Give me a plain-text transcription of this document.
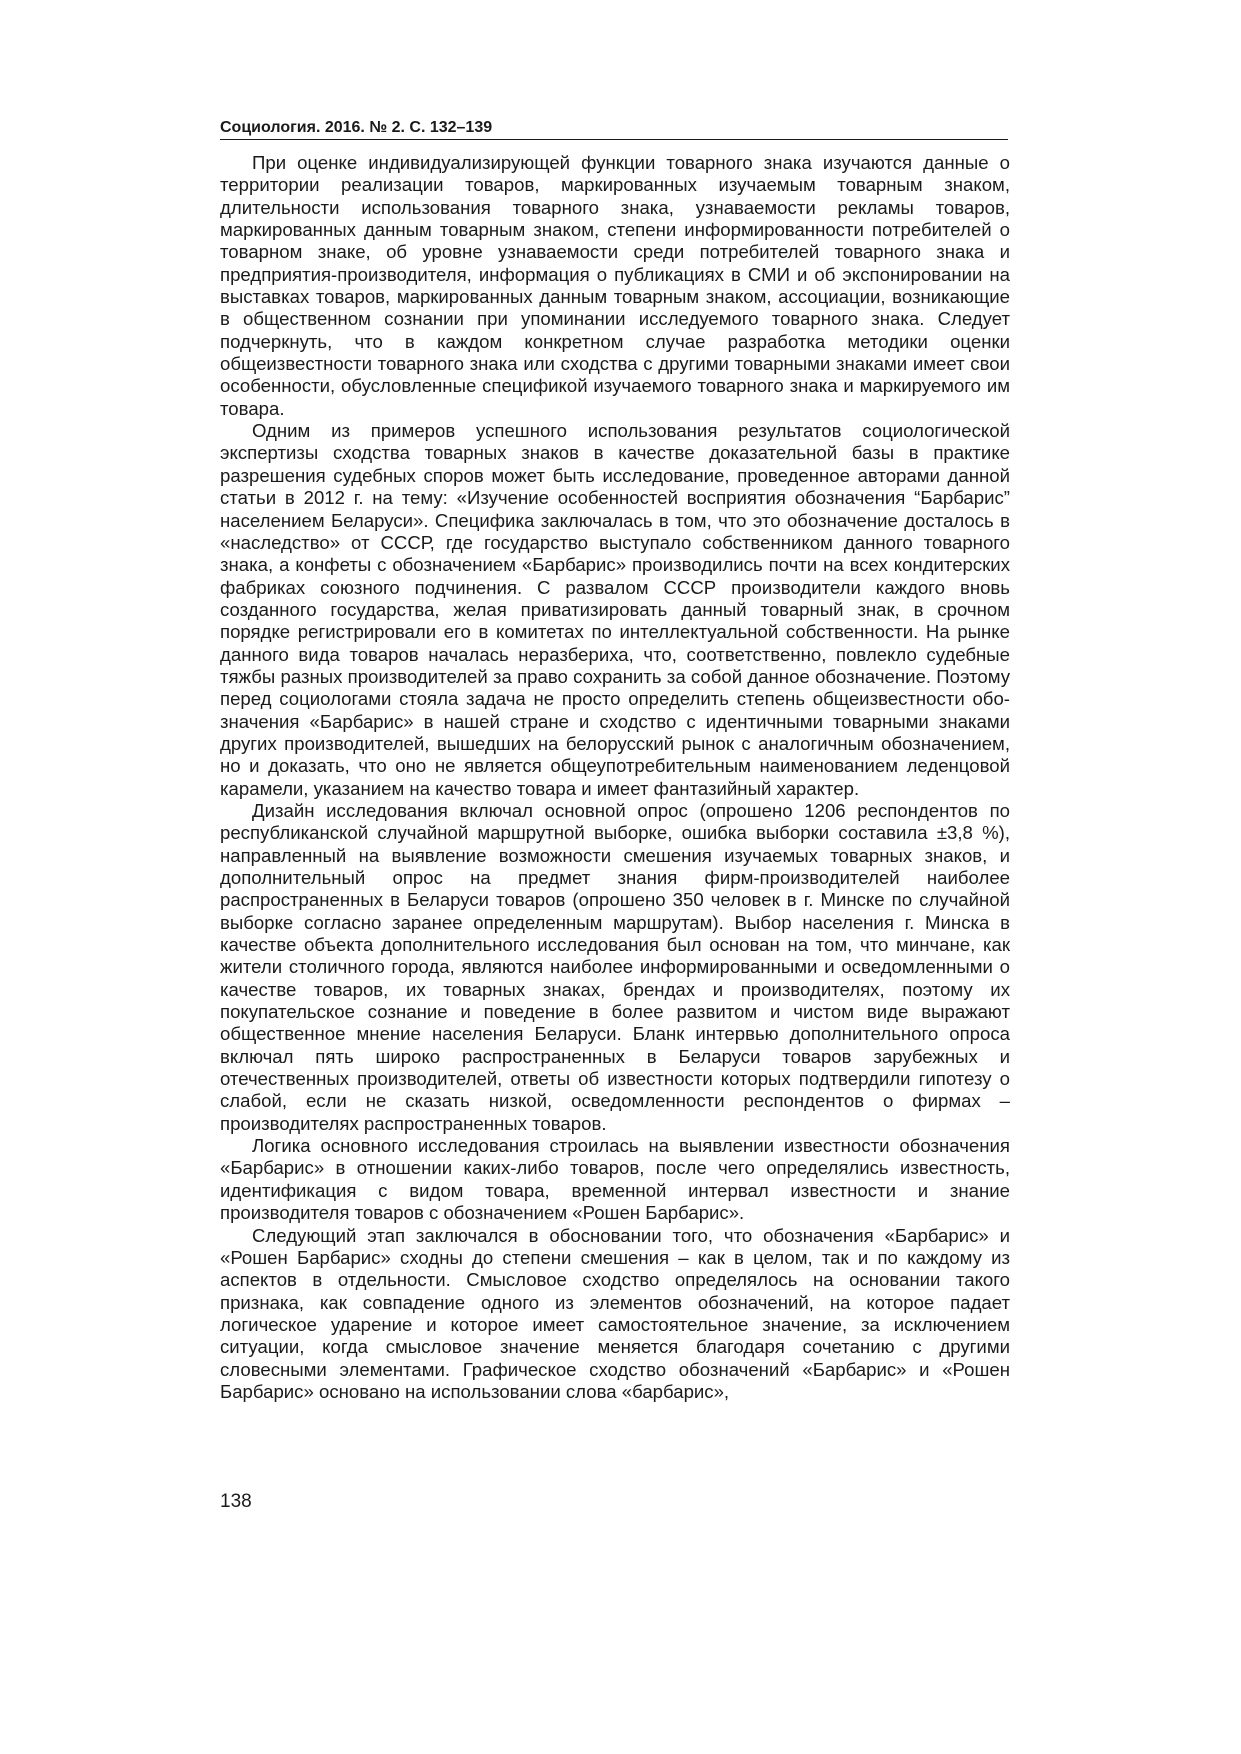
Социология. 2016. № 2. С. 132–139

При оценке индивидуализирующей функции товарного знака изучаются данные о территории реализации товаров, маркированных изучаемым товарным знаком, длительности использования товарного знака, узнаваемости рекламы товаров, маркированных данным товарным знаком, степени информированности потребителей о товарном знаке, об уровне узнаваемости среди потребителей товарного знака и предприятия-производителя, информация о публикациях в СМИ и об экспонировании на выставках товаров, маркированных данным товарным знаком, ассоциации, возникающие в общественном сознании при упоминании исследуемого товарного знака. Следует подчеркнуть, что в каждом конкретном случае разработка методики оценки общеизвестности товарного знака или сходства с другими товарными знаками имеет свои особенности, обусловленные спецификой изучаемого товарного знака и маркируемого им товара.

Одним из примеров успешного использования результатов социологической экспертизы сходства товарных знаков в качестве доказательной базы в практике разрешения судебных споров может быть исследование, проведенное авторами данной статьи в 2012 г. на тему: «Изучение особенностей восприятия обозначения “Барбарис” населением Беларуси». Специфика заключалась в том, что это обозначение досталось в «наследство» от СССР, где государство выступало собственником данного товарного знака, а конфеты с обозначением «Барбарис» производились почти на всех кондитерских фабриках союзного подчинения. С развалом СССР производители каждого вновь созданного государства, желая приватизировать данный товарный знак, в срочном порядке регистрировали его в комитетах по интеллектуальной собственности. На рынке данного вида товаров началась неразбериха, что, соответственно, повлекло судебные тяжбы разных производителей за право сохранить за собой данное обозначение. Поэтому перед социологами стояла задача не просто определить степень общеизвестности обозначения «Барбарис» в нашей стране и сходство с идентичными товарными знаками других производителей, вышедших на белорусский рынок с аналогичным обозначением, но и доказать, что оно не является общеупотребительным наименованием леденцовой карамели, указанием на качество товара и имеет фантазийный характер.

Дизайн исследования включал основной опрос (опрошено 1206 респондентов по республиканской случайной маршрутной выборке, ошибка выборки составила ±3,8 %), направленный на выявление возможности смешения изучаемых товарных знаков, и дополнительный опрос на предмет знания фирм-производителей наиболее распространенных в Беларуси товаров (опрошено 350 человек в г. Минске по случайной выборке согласно заранее определенным маршрутам). Выбор населения г. Минска в качестве объекта дополнительного исследования был основан на том, что минчане, как жители столичного города, являются наиболее информированными и осведомленными о качестве товаров, их товарных знаках, брендах и производителях, поэтому их покупательское сознание и поведение в более развитом и чистом виде выражают общественное мнение населения Беларуси. Бланк интервью дополнительного опроса включал пять широко распространенных в Беларуси товаров зарубежных и отечественных производителей, ответы об известности которых подтвердили гипотезу о слабой, если не сказать низкой, осведомленности респондентов о фирмах – производителях распространенных товаров.

Логика основного исследования строилась на выявлении известности обозначения «Барбарис» в отношении каких-либо товаров, после чего определялись известность, идентификация с видом товара, временной интервал известности и знание производителя товаров с обозначением «Рошен Барбарис».

Следующий этап заключался в обосновании того, что обозначения «Барбарис» и «Рошен Барбарис» сходны до степени смешения – как в целом, так и по каждому из аспектов в отдельности. Смысловое сходство определялось на основании такого признака, как совпадение одного из элементов обозначений, на которое падает логическое ударение и которое имеет самостоятельное значение, за исключением ситуации, когда смысловое значение меняется благодаря сочетанию с другими словесными элементами. Графическое сходство обозначений «Барбарис» и «Рошен Барбарис» основано на использовании слова «барбарис»,

138
